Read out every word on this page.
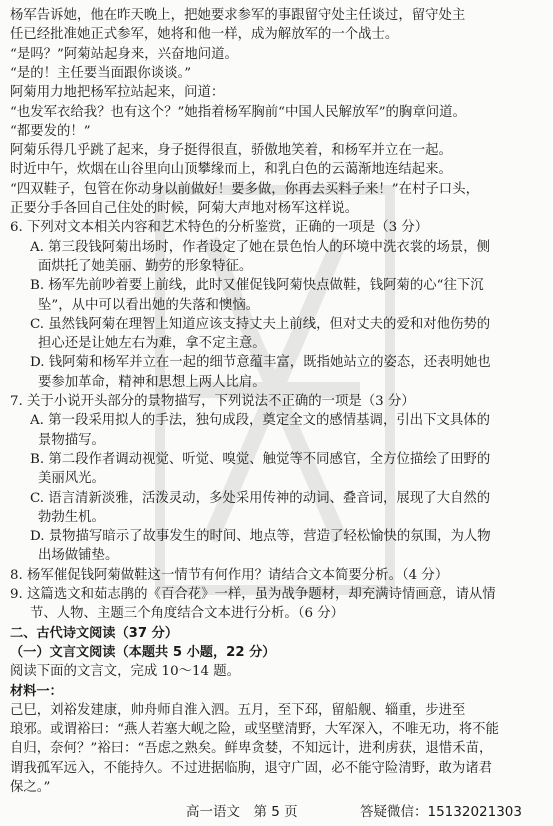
杨军告诉她，他在昨天晚上，把她要求参军的事跟留守处主任谈过，留守处主
任已经批准她正式参军，她将和他一样，成为解放军的一个战士。
“是吗？”阿菊站起身来，兴奋地问道。
“是的！主任要当面跟你谈谈。”
阿菊用力地把杨军拉站起来，问道：
“也发军衣给我？也有这个？”她指着杨军胸前“中国人民解放军”的胸章问道。
“都要发的！”
阿菊乐得几乎跳了起来，身子挺得很直，骄傲地笑着，和杨军并立在一起。
时近中午，炊烟在山谷里向山顶攀缘而上，和乳白色的云蔼渐地连结起来。
“四双鞋子，包管在你动身以前做好！要多做，你再去买料子来！”在村子口头，
正要分手各回自己住处的时候，阿菊大声地对杨军这样说。
6. 下列对文本相关内容和艺术特色的分析鉴赏，正确的一项是（3 分）
A. 第三段钱阿菊出场时，作者设定了她在景色怡人的环境中洗衣裳的场景，侧
面烘托了她美丽、勤劳的形象特征。
B. 杨军先前吵着要上前线，此时又催促钱阿菊快点做鞋，钱阿菊的心“往下沉
坠”，从中可以看出她的失落和懊恼。
C. 虽然钱阿菊在理智上知道应该支持丈夫上前线，但对丈夫的爱和对他伤势的
担心还是让她左右为难，拿不定主意。
D. 钱阿菊和杨军并立在一起的细节意蕴丰富，既指她站立的姿态，还表明她也
要参加革命，精神和思想上两人比肩。
7. 关于小说开头部分的景物描写，下列说法不正确的一项是（3 分）
A. 第一段采用拟人的手法，独句成段，奠定全文的感情基调，引出下文具体的
景物描写。
B. 第二段作者调动视觉、听觉、嗅觉、触觉等不同感官，全方位描绘了田野的
美丽风光。
C. 语言清新淡雅，活泼灵动，多处采用传神的动词、叠音词，展现了大自然的
勃勃生机。
D. 景物描写暗示了故事发生的时间、地点等，营造了轻松愉快的氛围，为人物
出场做铺垫。
8. 杨军催促钱阿菊做鞋这一情节有何作用？请结合文本简要分析。（4 分）
9. 这篇选文和茹志鹃的《百合花》一样，虽为战争题材，却充满诗情画意，请从情
节、人物、主题三个角度结合文本进行分析。（6 分）
二、古代诗文阅读（37 分）
（一）文言文阅读（本题共 5 小题，22 分）
阅读下面的文言文，完成 10～14 题。
材料一：
己巳，刘裕发建康，帅舟师自淮入泗。五月，至下邳，留船舰、辎重，步进至
高一语文　第 5 页	答疑微信：15132021303
琅邪。或谓裕曰：“燕人若塞大岘之险，或坚壁清野，大军深入，不唯无功，将不能
自归，奈何？”裕曰：“吾虑之熟矣。鲜卑贪婪，不知远计，进利虏获，退惜禾苗，
谓我孤军远入，不能持久。不过进据临朐，退守广固，必不能守险清野，敢为诸君
保之。”
